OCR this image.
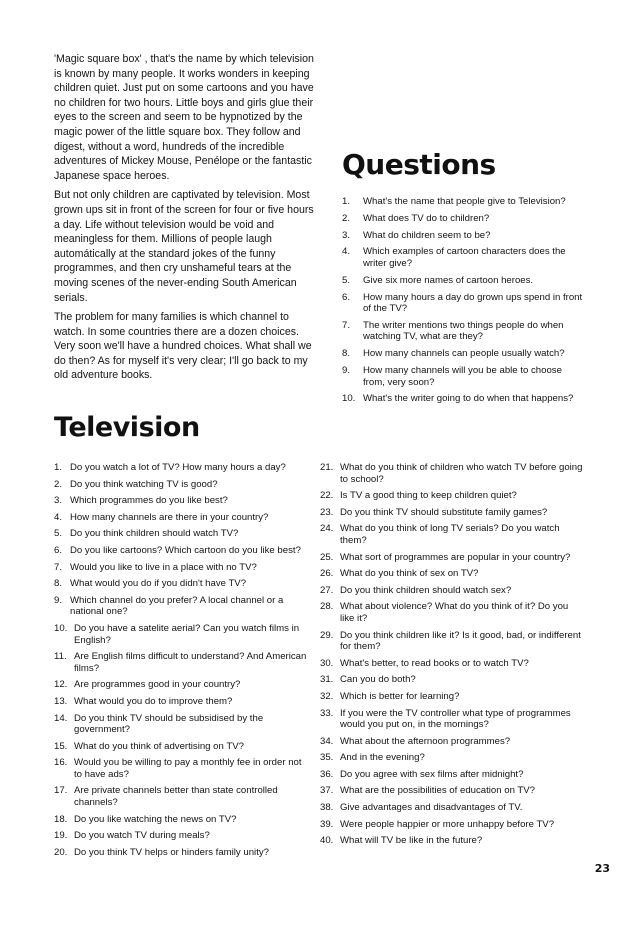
'Magic square box' , that's the name by which television is known by many people. It works wonders in keeping children quiet. Just put on some cartoons and you have no children for two hours. Little boys and girls glue their eyes to the screen and seem to be hypnotized by the magic power of the little square box. They follow and digest, without a word, hundreds of the incredible adventures of Mickey Mouse, Penélope or the fantastic Japanese space heroes.

But not only children are captivated by television. Most grown ups sit in front of the screen for four or five hours a day. Life without television would be void and meaningless for them. Millions of people laugh automátically at the standard jokes of the funny programmes, and then cry unshameful tears at the moving scenes of the never-ending South American serials.

The problem for many families is which channel to watch. In some countries there are a dozen choices. Very soon we'll have a hundred choices. What shall we do then? As for myself it's very clear; I'll go back to my old adventure books.

Questions
1. What's the name that people give to Television?
2. What does TV do to children?
3. What do children seem to be?
4. Which examples of cartoon characters does the writer give?
5. Give six more names of cartoon heroes.
6. How many hours a day do grown ups spend in front of the TV?
7. The writer mentions two things people do when watching TV, what are they?
8. How many channels can people usually watch?
9. How many channels will you be able to choose from, very soon?
10. What's the writer going to do when that happens?
Television
1. Do you watch a lot of TV? How many hours a day?
2. Do you think watching TV is good?
3. Which programmes do you like best?
4. How many channels are there in your country?
5. Do you think children should watch TV?
6. Do you like cartoons? Which cartoon do you like best?
7. Would you like to live in a place with no TV?
8. What would you do if you didn't have TV?
9. Which channel do you prefer? A local channel or a national one?
10. Do you have a satelite aerial? Can you watch films in English?
11. Are English films difficult to understand? And American films?
12. Are programmes good in your country?
13. What would you do to improve them?
14. Do you think TV should be subsidised by the government?
15. What do you think of advertising on TV?
16. Would you be willing to pay a monthly fee in order not to have ads?
17. Are private channels better than state controlled channels?
18. Do you like watching the news on TV?
19. Do you watch TV during meals?
20. Do you think TV helps or hinders family unity?
21. What do you think of children who watch TV before going to school?
22. Is TV a good thing to keep children quiet?
23. Do you think TV should substitute family games?
24. What do you think of long TV serials? Do you watch them?
25. What sort of programmes are popular in your country?
26. What do you think of sex on TV?
27. Do you think children should watch sex?
28. What about violence? What do you think of it? Do you like it?
29. Do you think children like it? Is it good, bad, or indifferent for them?
30. What's better, to read books or to watch TV?
31. Can you do both?
32. Which is better for learning?
33. If you were the TV controller what type of programmes would you put on, in the mornings?
34. What about the afternoon programmes?
35. And in the evening?
36. Do you agree with sex films after midnight?
37. What are the possibilities of education on TV?
38. Give advantages and disadvantages of TV.
39. Were people happier or more unhappy before TV?
40. What will TV be like in the future?
23
